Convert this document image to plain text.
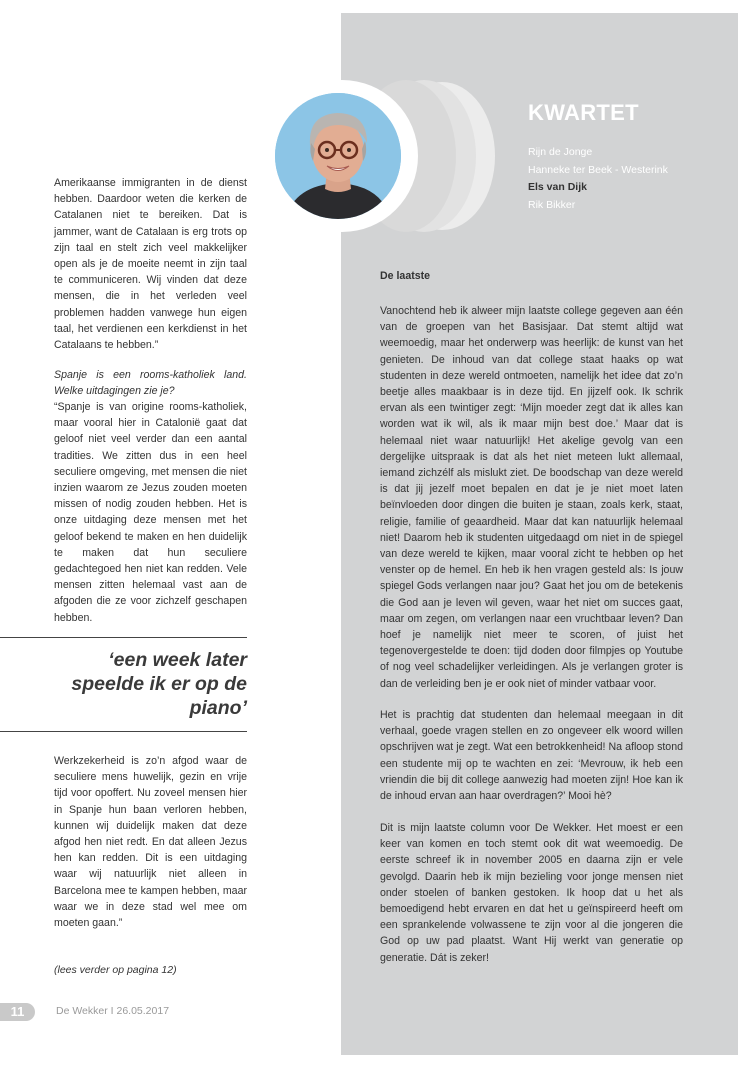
KWARTET
Rijn de Jonge
Hanneke ter Beek - Westerink
Els van Dijk
Rik Bikker

Amerikaanse immigranten in de dienst hebben. Daardoor weten die kerken de Catalanen niet te bereiken. Dat is jammer, want de Catalaan is erg trots op zijn taal en stelt zich veel makkelijker open als je de moeite neemt in zijn taal te communiceren. Wij vinden dat deze mensen, die in het verleden veel problemen hadden vanwege hun eigen taal, het verdienen een kerkdienst in het Catalaans te hebben.”

Spanje is een rooms-katholiek land. Welke uitdagingen zie je?

“Spanje is van origine rooms-katholiek, maar vooral hier in Catalonië gaat dat geloof niet veel verder dan een aantal tradities. We zitten dus in een heel seculiere omgeving, met mensen die niet inzien waarom ze Jezus zouden moeten missen of nodig zouden hebben. Het is onze uitdaging deze mensen met het geloof bekend te maken en hen duidelijk te maken dat hun seculiere gedachtegoed hen niet kan redden. Vele mensen zitten helemaal vast aan de afgoden die ze voor zichzelf geschapen hebben.

‘een week later speelde ik er op de piano’

Werkzekerheid is zo’n afgod waar de seculiere mens huwelijk, gezin en vrije tijd voor opoffert. Nu zoveel mensen hier in Spanje hun baan verloren hebben, kunnen wij duidelijk maken dat deze afgod hen niet redt. En dat alleen Jezus hen kan redden. Dit is een uitdaging waar wij natuurlijk niet alleen in Barcelona mee te kampen hebben, maar waar we in deze stad wel mee om moeten gaan.”

(lees verder op pagina 12)

De laatste

Vanochtend heb ik alweer mijn laatste college gegeven aan één van de groepen van het Basisjaar. Dat stemt altijd wat weemoedig, maar het onderwerp was heerlijk: de kunst van het genieten. De inhoud van dat college staat haaks op wat studenten in deze wereld ontmoeten, namelijk het idee dat zo’n beetje alles maakbaar is in deze tijd. En jijzelf ook. Ik schrik ervan als een twintiger zegt: ‘Mijn moeder zegt dat ik alles kan worden wat ik wil, als ik maar mijn best doe.’ Maar dat is helemaal niet waar natuurlijk! Het akelige gevolg van een dergelijke uitspraak is dat als het niet meteen lukt allemaal, iemand zichzélf als mislukt ziet. De boodschap van deze wereld is dat jij jezelf moet bepalen en dat je je niet moet laten beïnvloeden door dingen die buiten je staan, zoals kerk, staat, religie, familie of geaardheid. Maar dat kan natuurlijk helemaal niet! Daarom heb ik studenten uitgedaagd om niet in de spiegel van deze wereld te kijken, maar vooral zicht te hebben op het venster op de hemel. En heb ik hen vragen gesteld als: Is jouw spiegel Gods verlangen naar jou? Gaat het jou om de betekenis die God aan je leven wil geven, waar het niet om succes gaat, maar om zegen, om verlangen naar een vruchtbaar leven? Dan hoef je namelijk niet meer te scoren, of juist het tegenovergestelde te doen: tijd doden door filmpjes op Youtube of nog veel schadelijker verleidingen. Als je verlangen groter is dan de verleiding ben je er ook niet of minder vatbaar voor.

Het is prachtig dat studenten dan helemaal meegaan in dit verhaal, goede vragen stellen en zo ongeveer elk woord willen opschrijven wat je zegt. Wat een betrokkenheid! Na afloop stond een studente mij op te wachten en zei: ‘Mevrouw, ik heb een vriendin die bij dit college aanwezig had moeten zijn! Hoe kan ik de inhoud ervan aan haar overdragen?’ Mooi hè?

Dit is mijn laatste column voor De Wekker. Het moest er een keer van komen en toch stemt ook dit wat weemoedig. De eerste schreef ik in november 2005 en daarna zijn er vele gevolgd. Daarin heb ik mijn bezieling voor jonge mensen niet onder stoelen of banken gestoken. Ik hoop dat u het als bemoedigend hebt ervaren en dat het u geïnspireerd heeft om een sprankelende volwassene te zijn voor al die jongeren die God op uw pad plaatst. Want Hij werkt van generatie op generatie. Dát is zeker!

11	De Wekker I 26.05.2017
